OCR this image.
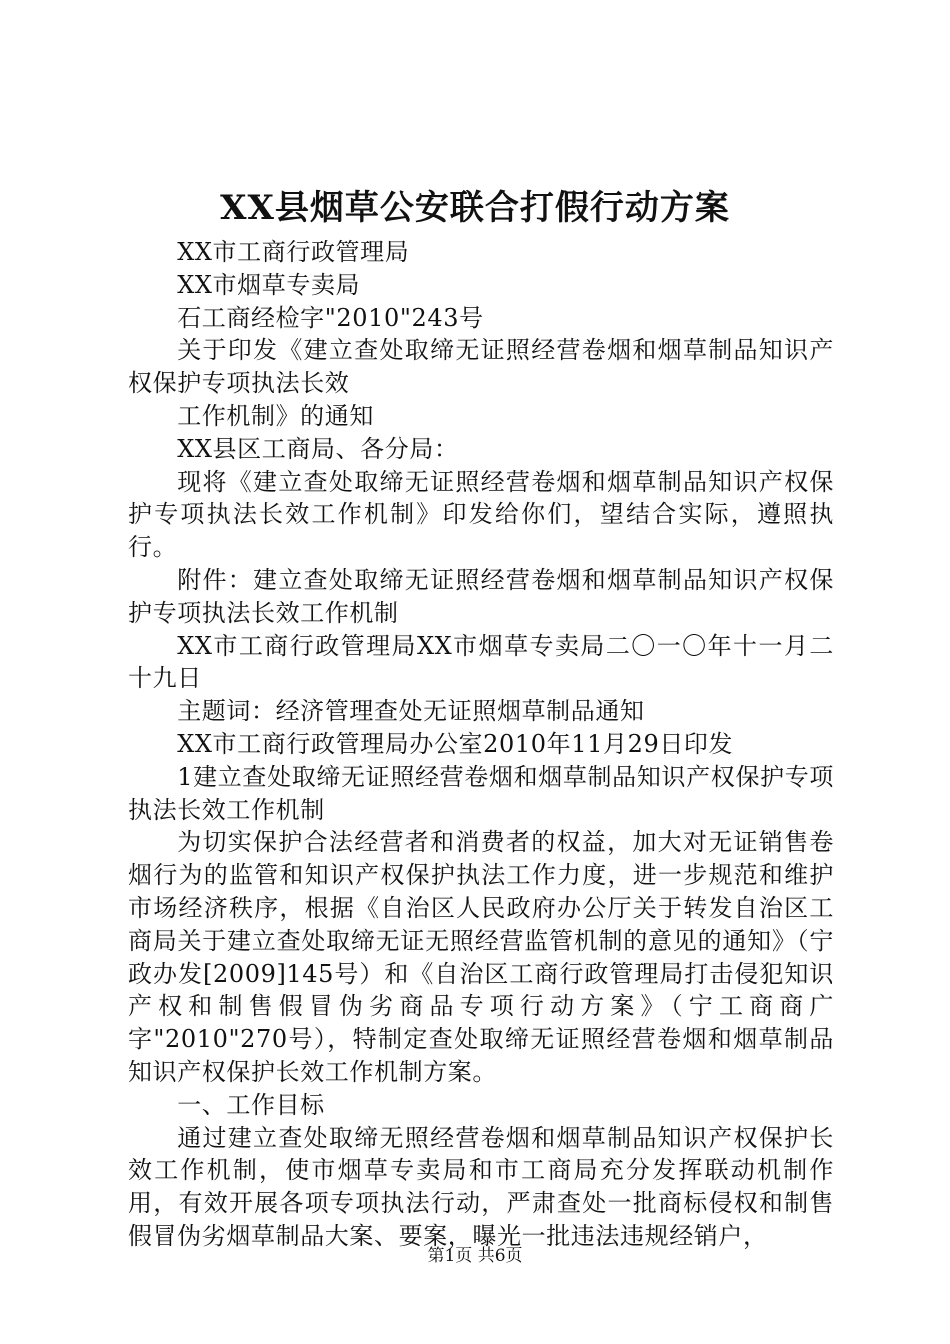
XX县烟草公安联合打假行动方案

XX市工商行政管理局

XX市烟草专卖局

石工商经检字"2010"243号

关于印发《建立查处取缔无证照经营卷烟和烟草制品知识产权保护专项执法长效

工作机制》的通知

XX县区工商局、各分局：

现将《建立查处取缔无证照经营卷烟和烟草制品知识产权保护专项执法长效工作机制》印发给你们，望结合实际，遵照执行。

附件：建立查处取缔无证照经营卷烟和烟草制品知识产权保护专项执法长效工作机制

XX市工商行政管理局XX市烟草专卖局二〇一〇年十一月二十九日

主题词：经济管理查处无证照烟草制品通知

XX市工商行政管理局办公室2010年11月29日印发

1建立查处取缔无证照经营卷烟和烟草制品知识产权保护专项执法长效工作机制

为切实保护合法经营者和消费者的权益，加大对无证销售卷烟行为的监管和知识产权保护执法工作力度，进一步规范和维护市场经济秩序，根据《自治区人民政府办公厅关于转发自治区工商局关于建立查处取缔无证无照经营监管机制的意见的通知》（宁政办发[2009]145号）和《自治区工商行政管理局打击侵犯知识产权和制售假冒伪劣商品专项行动方案》（宁工商商广字"2010"270号），特制定查处取缔无证照经营卷烟和烟草制品知识产权保护长效工作机制方案。

一、工作目标

通过建立查处取缔无照经营卷烟和烟草制品知识产权保护长效工作机制，使市烟草专卖局和市工商局充分发挥联动机制作用，有效开展各项专项执法行动，严肃查处一批商标侵权和制售假冒伪劣烟草制品大案、要案，曝光一批违法违规经销户，

第1页 共6页
